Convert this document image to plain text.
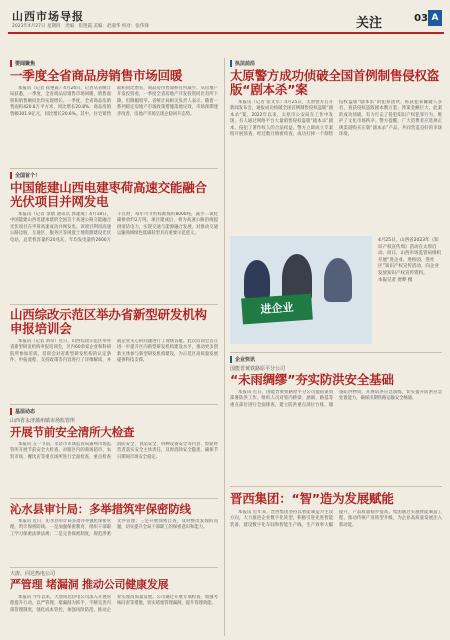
山西市场导报
2023年4月27日 星期四　责编：崔艳霞 美编：赵淑华 校对：张伟锋	关注	03 A
要闻聚焦
一季度全省商品房销售市场回暖

本报讯（记者 崔艳霞）4月24日，记者从省统计局获悉，一季度，全省商品房销售市场回暖，销售面积和销售额同比均实现增长。一季度，全省商品房销售面积420.8万平方米，同比增长20.8%；商品房销售额301.9亿元，同比增长20.6%。其中，住宅销售面积同比增长，商品房待售面积有所减少。从房地产开发投资看，一季度全省房地产开发投资同比有所下降，但降幅收窄。省统计局相关负责人表示，随着一系列稳定房地产市场政策措施落地见效，市场预期逐步改善，房地产市场呈现企稳回升态势。

全国首个！
中国能建山西电建枣荷高速交能融合光伏项目并网发电

本报讯（记者 余婧 通讯员 郭建成）4月18日，中国能建山西电建承建的全国首个高速公路交能融合光伏项目在枣荷高速成功并网发电。该项目利用高速公路边坡、互通区、服务区等闲置土地资源建设光伏电站，总装机容量约20兆瓦，年均发电量约2600万千瓦时，每年可节约标准煤约8000吨，减少二氧化碳排放约2万吨。项目建成后，将为高速公路沿线提供清洁电力，实现交通与能源融合发展，对推动交通运输领域绿色低碳转型具有重要示范意义。

山西综改示范区举办省新型研发机构申报培训会

本报讯（记者 刘卓）近日，山西综改示范区举办省新型研发机构申报培训会，区内60余家企业和科研院所参加培训。培训会对省新型研发机构的认定条件、申报流程、支持政策等内容进行了详细解读，并就企业关心的问题进行了现场答疑。此次培训会旨在进一步提升区内新型研发机构建设水平，推动更多创新主体参与新型研发机构建设，为示范区高质量发展提供科技支撑。

基层动态
山西省永济蒲州镇市场监管所
开展节前安全清所大检查

本报讯 五一节前，永济市市场监管局蒲州市场监管所开展节前安全大检查，对辖区内的商场超市、农贸市场、餐饮店等重点场所进行全面检查，重点检查消防安全、食品安全、特种设备安全等内容，督促经营者落实安全主体责任，及时消除安全隐患，确保节日期间市场安全稳定。

沁水县审计局：多举措筑牢保密防线

本报讯 近日，沁水县审计局多措并举强化保密管理，筑牢保密防线。一是加强保密教育，组织干部职工学习保密法律法规；二是完善保密制度，规范涉密文件管理；三是开展保密自查，及时整改发现的问题，切实提升全局干部职工的保密意识和能力。

大唐、同达热电公司
严管理 堵漏洞 推动公司健康发展

本报讯 今年以来，大唐同达热电公司深入开展管理提升行动，以严管理、堵漏洞为抓手，不断完善内部管理制度，强化成本管控，加强风险防范，推动企业实现高质量发展。公司通过开展专项检查、加强考核问责等措施，切实堵塞管理漏洞，提升管理效能。

执法前沿
太原警方成功侦破全国首例制售侵权盗版“剧本杀”案

本报讯（记者 张文军）4月25日，太原警方召开新闻发布会，通报成功侦破全国首例制售侵权盗版“剧本杀”案。2022年以来，太原市公安局在工作中发现，有人通过网络平台大量销售侵权盗版“剧本杀”剧本，侵犯了著作权人的合法权益。警方立即成立专案组开展侦查，经过数月缜密侦查，成功打掉一个制售侵权盗版“剧本杀”的犯罪团伙，抓获犯罪嫌疑人多名，查获侵权盗版剧本数万套，涉案金额巨大。此案的成功侦破，有力打击了侵犯知识产权犯罪行为，维护了文化市场秩序。警方提醒，广大消费者应选择正规渠道购买正版“剧本杀”产品，共同营造良好的市场环境。

进企业
4月25日，山西省2023年《知识产权宣传周》活动在太原启动。同日，山西市场监管局组织开展“进企业、进校园、进社区”知识产权宣传活动，向企业发放知识产权宣传资料。
本报记者 贾晔 摄
企业快讯
国能晋黄铁路原平分公司
“未雨绸缪”夯实防洪安全基础

本报讯 近日，国能晋黄铁路原平分公司提前谋划部署防洪工作，组织人员对管内桥梁、涵洞、路基等重点部位进行全面排查，建立防洪重点部位台账，储备防洪物资，开展防洪应急演练，切实提升防洪应急处置能力，确保汛期铁路运输安全畅通。

晋西集团：“智”造为发展赋能

本报讯 近年来，晋西集团坚持以智能制造为主攻方向，大力推进企业数字化转型，积极引进先进智能装备，建设数字化车间和智能生产线，生产效率大幅提升，产品质量稳步提高。集团通过实施智能制造工程，推动传统产业转型升级，为企业高质量发展注入新动能。
